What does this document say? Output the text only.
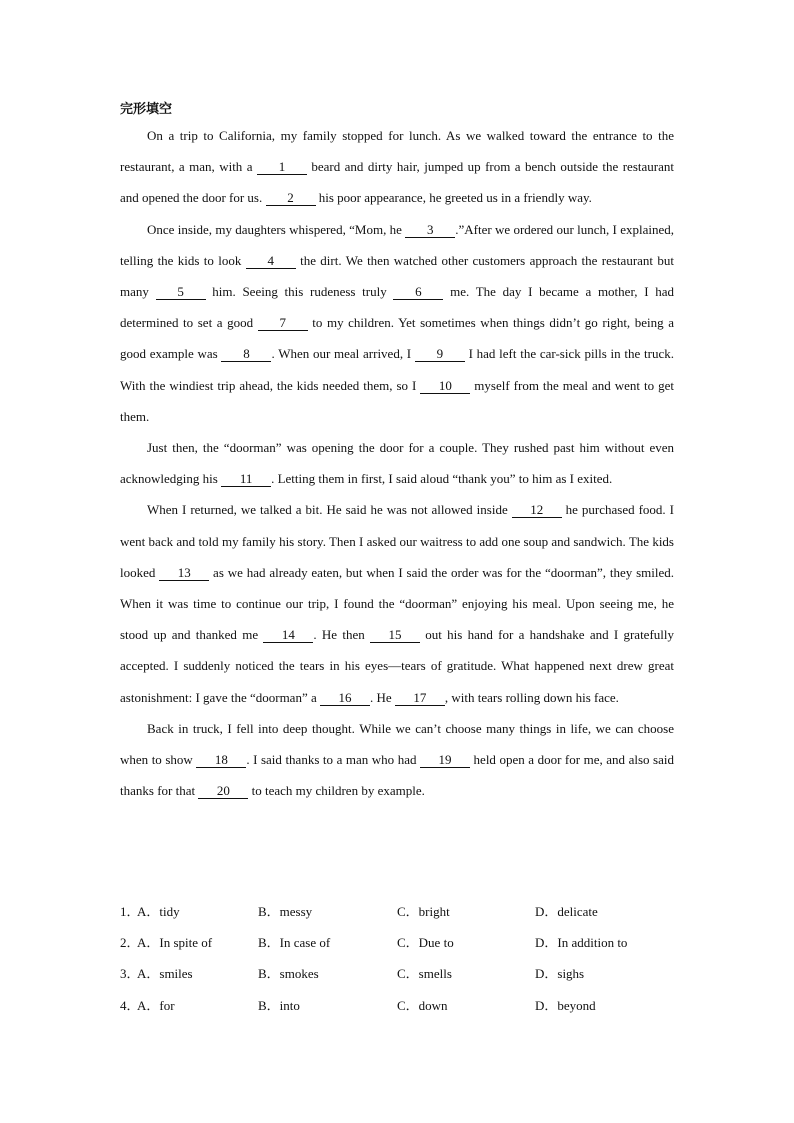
完形填空

On a trip to California, my family stopped for lunch. As we walked toward the entrance to the restaurant, a man, with a 1 beard and dirty hair, jumped up from a bench outside the restaurant and opened the door for us. 2 his poor appearance, he greeted us in a friendly way.

Once inside, my daughters whispered, “Mom, he 3 .”After we ordered our lunch, I explained, telling the kids to look 4 the dirt. We then watched other customers approach the restaurant but many 5 him. Seeing this rudeness truly 6 me. The day I became a mother, I had determined to set a good 7 to my children. Yet sometimes when things didn’t go right, being a good example was 8 . When our meal arrived, I 9 I had left the car-sick pills in the truck. With the windiest trip ahead, the kids needed them, so I 10 myself from the meal and went to get them.

Just then, the “doorman” was opening the door for a couple. They rushed past him without even acknowledging his 11 . Letting them in first, I said aloud “thank you” to him as I exited.

When I returned, we talked a bit. He said he was not allowed inside 12 he purchased food. I went back and told my family his story. Then I asked our waitress to add one soup and sandwich. The kids looked 13 as we had already eaten, but when I said the order was for the “doorman”, they smiled. When it was time to continue our trip, I found the “doorman” enjoying his meal. Upon seeing me, he stood up and thanked me 14 . He then 15 out his hand for a handshake and I gratefully accepted. I suddenly noticed the tears in his eyes—tears of gratitude. What happened next drew great astonishment: I gave the “doorman” a 16 . He 17 , with tears rolling down his face.

Back in truck, I fell into deep thought. While we can’t choose many things in life, we can choose when to show 18 . I said thanks to a man who had 19 held open a door for me, and also said thanks for that 20 to teach my children by example.

1．
A．tidy	B．messy	C．bright	D．delicate
2．
A．In spite of	B．In case of	C．Due to	D．In addition to
3．
A．smiles	B．smokes	C．smells	D．sighs
4．
A．for	B．into	C．down	D．beyond
